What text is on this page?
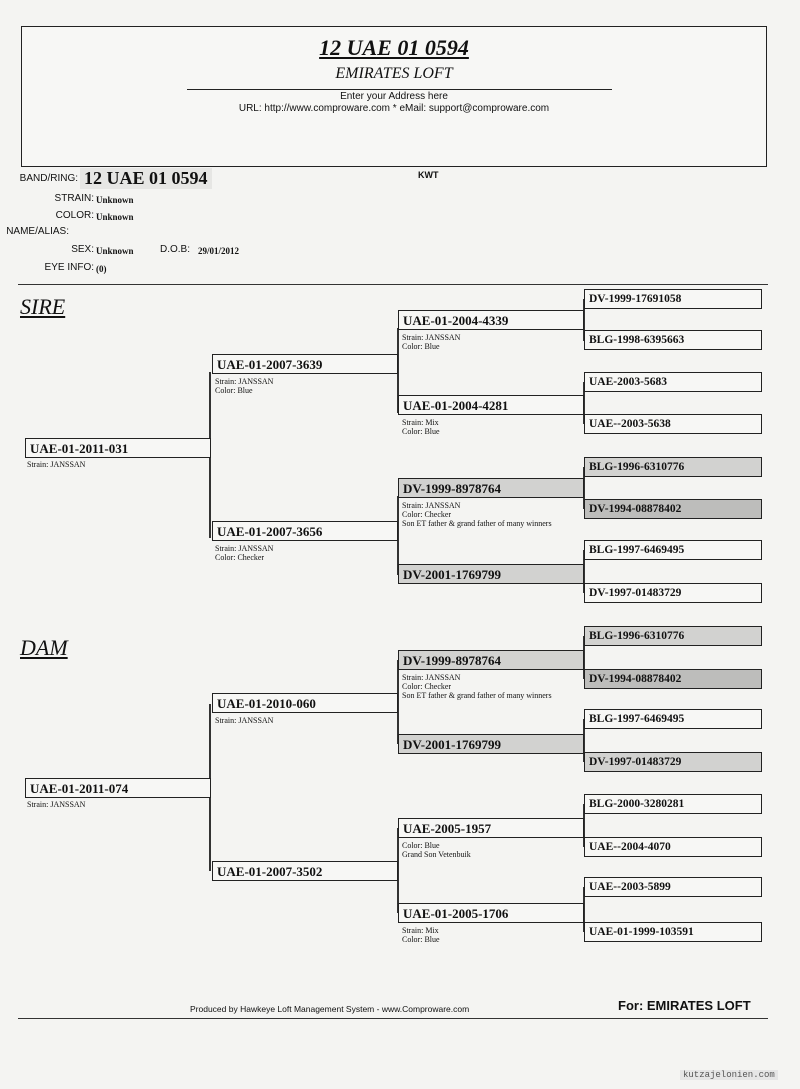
12 UAE 01 0594
EMIRATES LOFT
Enter your Address here
URL: http://www.comproware.com * eMail: support@comproware.com
BAND/RING: 12 UAE 01 0594	KWT
STRAIN: Unknown
COLOR: Unknown
NAME/ALIAS:
SEX: Unknown	D.O.B: 29/01/2012
EYE INFO: (0)
SIRE
DAM
UAE-01-2011-031
Strain: JANSSAN
UAE-01-2007-3639
Strain: JANSSAN
Color: Blue
UAE-01-2007-3656
Strain: JANSSAN
Color: Checker
UAE-01-2004-4339
Strain: JANSSAN
Color: Blue
UAE-01-2004-4281
Strain: Mix
Color: Blue
DV-1999-8978764
Strain: JANSSAN
Color: Checker
Son ET father & grand father of many winners
DV-2001-1769799
DV-1999-17691058
BLG-1998-6395663
UAE-2003-5683
UAE--2003-5638
BLG-1996-6310776
DV-1994-08878402
BLG-1997-6469495
DV-1997-01483729
UAE-01-2011-074
Strain: JANSSAN
UAE-01-2010-060
Strain: JANSSAN
UAE-01-2007-3502
DV-1999-8978764
Strain: JANSSAN
Color: Checker
Son ET father & grand father of many winners
DV-2001-1769799
UAE-2005-1957
Color: Blue
Grand Son Vetenbuik
UAE-01-2005-1706
Strain: Mix
Color: Blue
BLG-1996-6310776
DV-1994-08878402
BLG-1997-6469495
DV-1997-01483729
BLG-2000-3280281
UAE--2004-4070
UAE--2003-5899
UAE-01-1999-103591
Produced by Hawkeye Loft Management System - www.Comproware.com	For: EMIRATES LOFT
kutzajelonien.com
